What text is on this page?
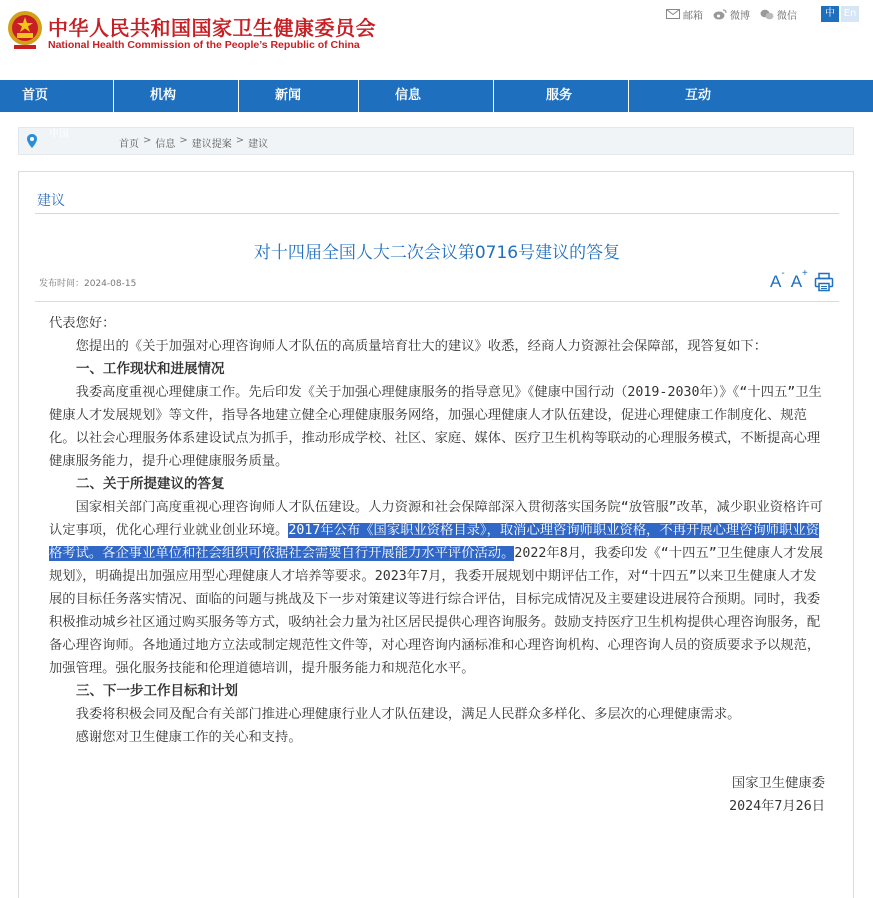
中华人民共和国国家卫生健康委员会
National Health Commission of the People’s Republic of China
邮箱	微博	微信	中 En
首页	机构	新闻	信息	服务	互动
中国
首页 > 信息 > 建议提案 > 建议
建议
对十四届全国人大二次会议第0716号建议的答复
发布时间：2024-08-15	A- A+

代表您好：

您提出的《关于加强对心理咨询师人才队伍的高质量培育壮大的建议》收悉，经商人力资源社会保障部，现答复如下：

一、工作现状和进展情况

我委高度重视心理健康工作。先后印发《关于加强心理健康服务的指导意见》《健康中国行动（2019-2030年）》《“十四五”卫生健康人才发展规划》等文件，指导各地建立健全心理健康服务网络，加强心理健康人才队伍建设，促进心理健康工作制度化、规范化。以社会心理服务体系建设试点为抓手，推动形成学校、社区、家庭、媒体、医疗卫生机构等联动的心理服务模式，不断提高心理健康服务能力，提升心理健康服务质量。

二、关于所提建议的答复

国家相关部门高度重视心理咨询师人才队伍建设。人力资源和社会保障部深入贯彻落实国务院“放管服”改革，减少职业资格许可认定事项，优化心理行业就业创业环境。2017年公布《国家职业资格目录》，取消心理咨询师职业资格，不再开展心理咨询师职业资格考试。各企事业单位和社会组织可依据社会需要自行开展能力水平评价活动。2022年8月，我委印发《“十四五”卫生健康人才发展规划》，明确提出加强应用型心理健康人才培养等要求。2023年7月，我委开展规划中期评估工作，对“十四五”以来卫生健康人才发展的目标任务落实情况、面临的问题与挑战及下一步对策建议等进行综合评估，目标完成情况及主要建设进展符合预期。同时，我委积极推动城乡社区通过购买服务等方式，吸纳社会力量为社区居民提供心理咨询服务。鼓励支持医疗卫生机构提供心理咨询服务，配备心理咨询师。各地通过地方立法或制定规范性文件等，对心理咨询内涵标准和心理咨询机构、心理咨询人员的资质要求予以规范，加强管理。强化服务技能和伦理道德培训，提升服务能力和规范化水平。

三、下一步工作目标和计划

我委将积极会同及配合有关部门推进心理健康行业人才队伍建设，满足人民群众多样化、多层次的心理健康需求。

感谢您对卫生健康工作的关心和支持。

国家卫生健康委

2024年7月26日
